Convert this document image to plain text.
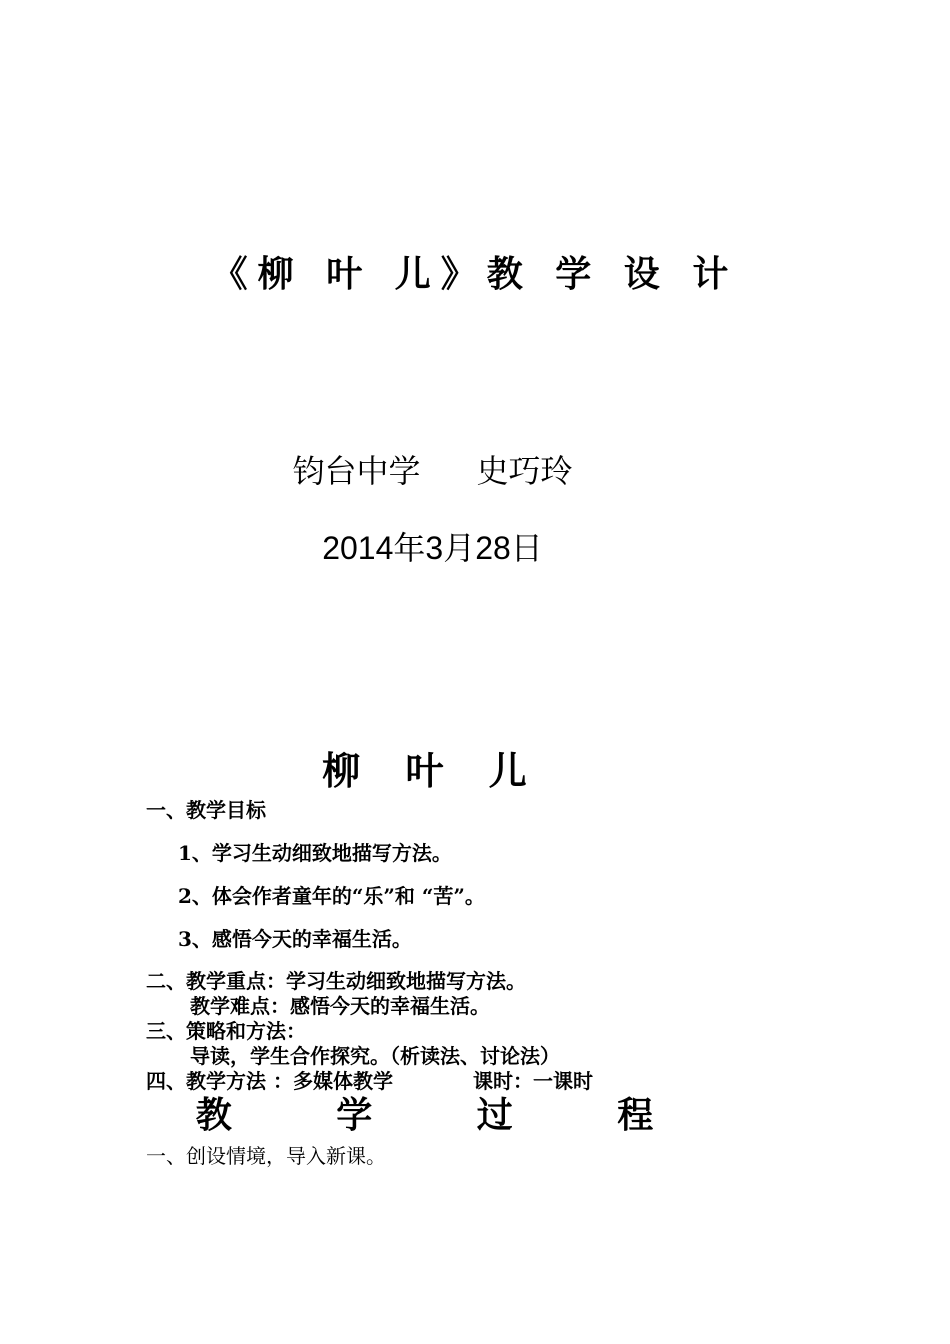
《柳 叶 儿》教 学 设 计
钧台中学 史巧玲
2014年3月28日
柳 叶 儿
一、教学目标
1、学习生动细致地描写方法。
2、体会作者童年的“乐”和 “苦”。
3、感悟今天的幸福生活。
二、教学重点：学习生动细致地描写方法。
教学难点：感悟今天的幸福生活。
三、策略和方法：
导读，学生合作探究。（析读法、讨论法）
四、教学方法 ：多媒体教学	课时：一课时
教 学 过 程
一、创设情境，导入新课。
